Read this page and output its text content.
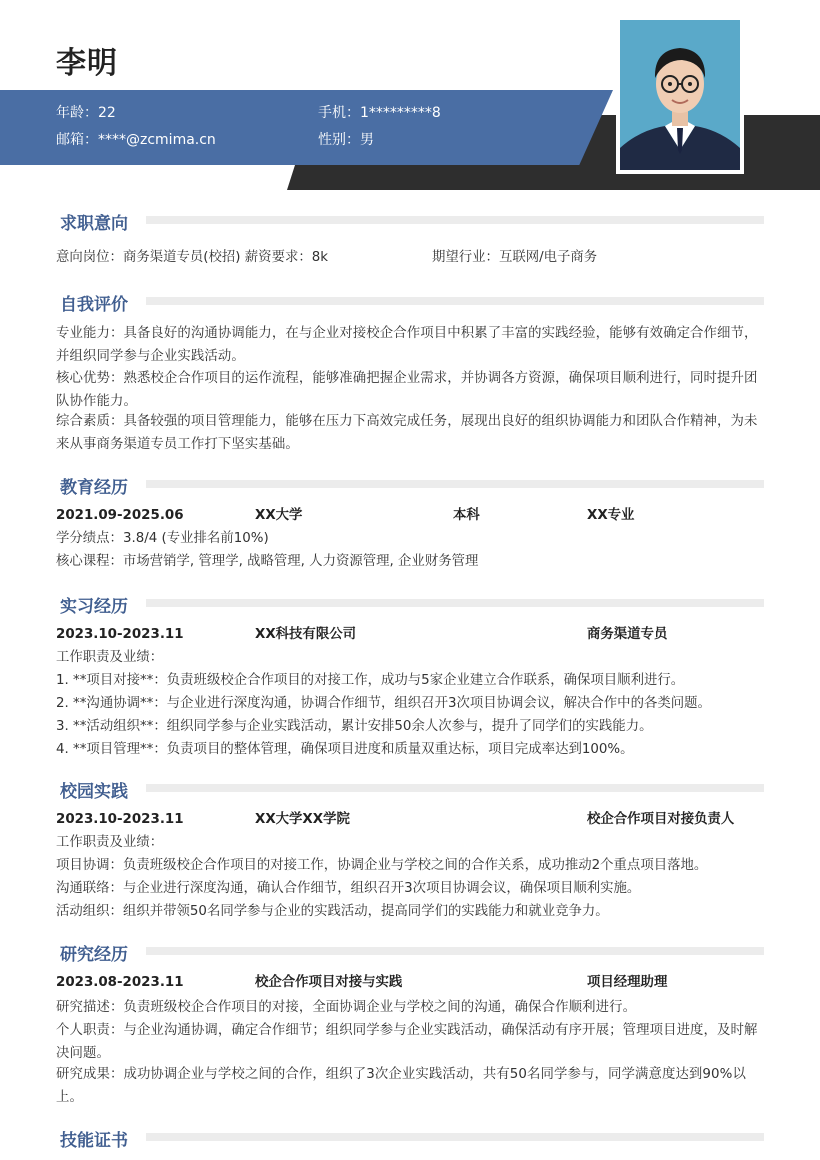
李明
年龄：22	手机：1*********8
邮箱：****@zcmima.cn	性别：男
求职意向
意向岗位：商务渠道专员(校招) 薪资要求：8k	期望行业：互联网/电子商务
自我评价
专业能力：具备良好的沟通协调能力，在与企业对接校企合作项目中积累了丰富的实践经验，能够有效确定合作细节，并组织同学参与企业实践活动。
核心优势：熟悉校企合作项目的运作流程，能够准确把握企业需求，并协调各方资源，确保项目顺利进行，同时提升团队协作能力。
综合素质：具备较强的项目管理能力，能够在压力下高效完成任务，展现出良好的组织协调能力和团队合作精神，为未来从事商务渠道专员工作打下坚实基础。
教育经历
2021.09-2025.06	XX大学	本科	XX专业
学分绩点：3.8/4 (专业排名前10%)
核心课程：市场营销学, 管理学, 战略管理, 人力资源管理, 企业财务管理
实习经历
2023.10-2023.11	XX科技有限公司	商务渠道专员
工作职责及业绩：
1. **项目对接**：负责班级校企合作项目的对接工作，成功与5家企业建立合作联系，确保项目顺利进行。
2. **沟通协调**：与企业进行深度沟通，协调合作细节，组织召开3次项目协调会议，解决合作中的各类问题。
3. **活动组织**：组织同学参与企业实践活动，累计安排50余人次参与，提升了同学们的实践能力。
4. **项目管理**：负责项目的整体管理，确保项目进度和质量双重达标，项目完成率达到100%。
校园实践
2023.10-2023.11	XX大学XX学院	校企合作项目对接负责人
工作职责及业绩：
项目协调：负责班级校企合作项目的对接工作，协调企业与学校之间的合作关系，成功推动2个重点项目落地。
沟通联络：与企业进行深度沟通，确认合作细节，组织召开3次项目协调会议，确保项目顺利实施。
活动组织：组织并带领50名同学参与企业的实践活动，提高同学们的实践能力和就业竞争力。
研究经历
2023.08-2023.11	校企合作项目对接与实践	项目经理助理
研究描述：负责班级校企合作项目的对接，全面协调企业与学校之间的沟通，确保合作顺利进行。
个人职责：与企业沟通协调，确定合作细节；组织同学参与企业实践活动，确保活动有序开展；管理项目进度，及时解决问题。
研究成果：成功协调企业与学校之间的合作，组织了3次企业实践活动，共有50名同学参与，同学满意度达到90%以上。
技能证书
